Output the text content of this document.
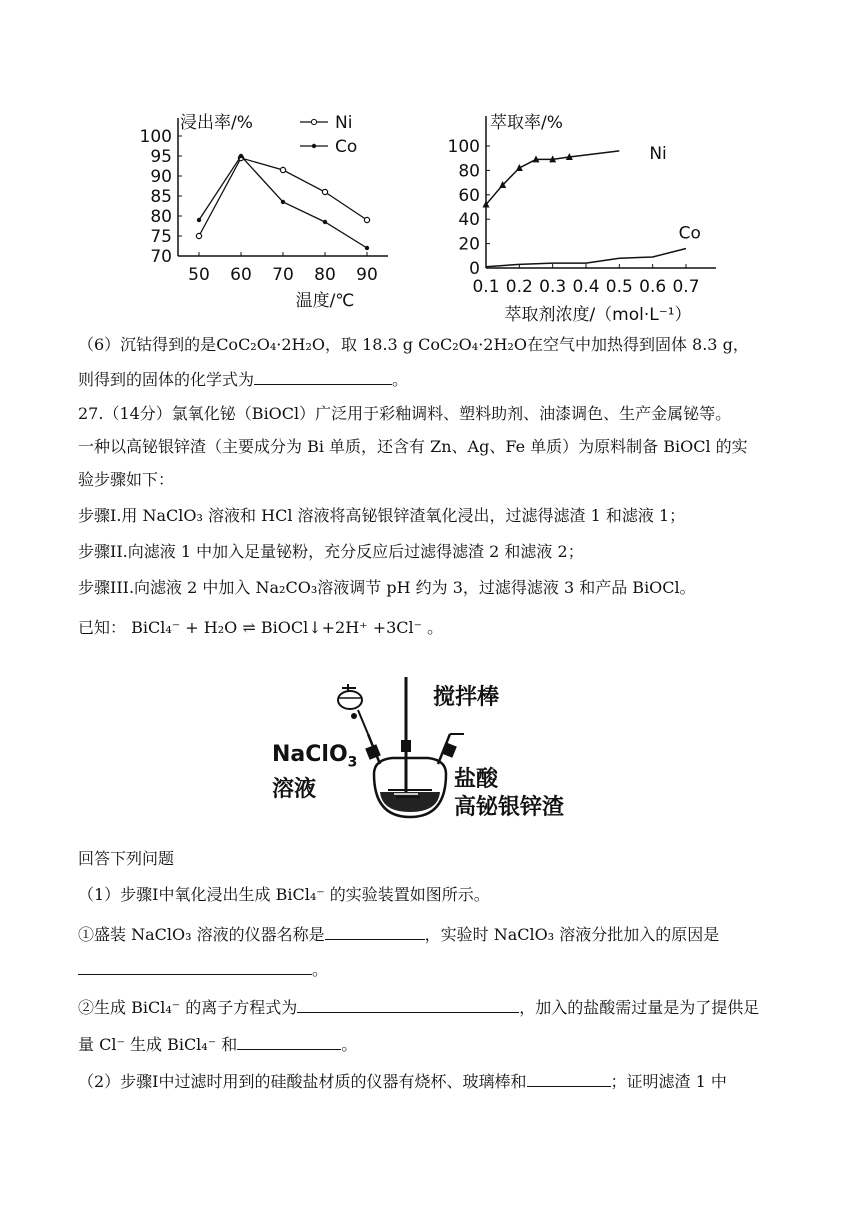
浸出率/%
100
95
90
85
80
75
70
50 60 70 80 90
温度/℃
Ni
Co
萃取率/%
100
80
60
40
20
0
0.1 0.2 0.3 0.4 0.5 0.6 0.7
萃取剂浓度/（mol·L⁻¹）
Ni
Co
（6）沉钴得到的是CoC₂O₄·2H₂O，取 18.3 g CoC₂O₄·2H₂O在空气中加热得到固体 8.3 g，
则得到的固体的化学式为	。
27.（14分）氯氧化铋（BiOCl）广泛用于彩釉调料、塑料助剂、油漆调色、生产金属铋等。
一种以高铋银锌渣（主要成分为 Bi 单质，还含有 Zn、Ag、Fe 单质）为原料制备 BiOCl 的实
验步骤如下：
步骤I.用 NaClO₃ 溶液和 HCl 溶液将高铋银锌渣氧化浸出，过滤得滤渣 1 和滤液 1；
步骤II.向滤液 1 中加入足量铋粉，充分反应后过滤得滤渣 2 和滤液 2；
步骤III.向滤液 2 中加入 Na₂CO₃溶液调节 pH 约为 3，过滤得滤液 3 和产品 BiOCl。
已知： BiCl₄⁻ + H₂O ⇌ BiOCl↓+2H⁺ +3Cl⁻ 。
搅拌棒
NaClO$_3$
溶液	盐酸
高铋银锌渣
回答下列问题
（1）步骤I中氧化浸出生成 BiCl₄⁻ 的实验装置如图所示。
①盛装 NaClO₃ 溶液的仪器名称是	，实验时 NaClO₃ 溶液分批加入的原因是
。
②生成 BiCl₄⁻ 的离子方程式为	，加入的盐酸需过量是为了提供足
量 Cl⁻ 生成 BiCl₄⁻ 和	。
（2）步骤I中过滤时用到的硅酸盐材质的仪器有烧杯、玻璃棒和	；证明滤渣 1 中
